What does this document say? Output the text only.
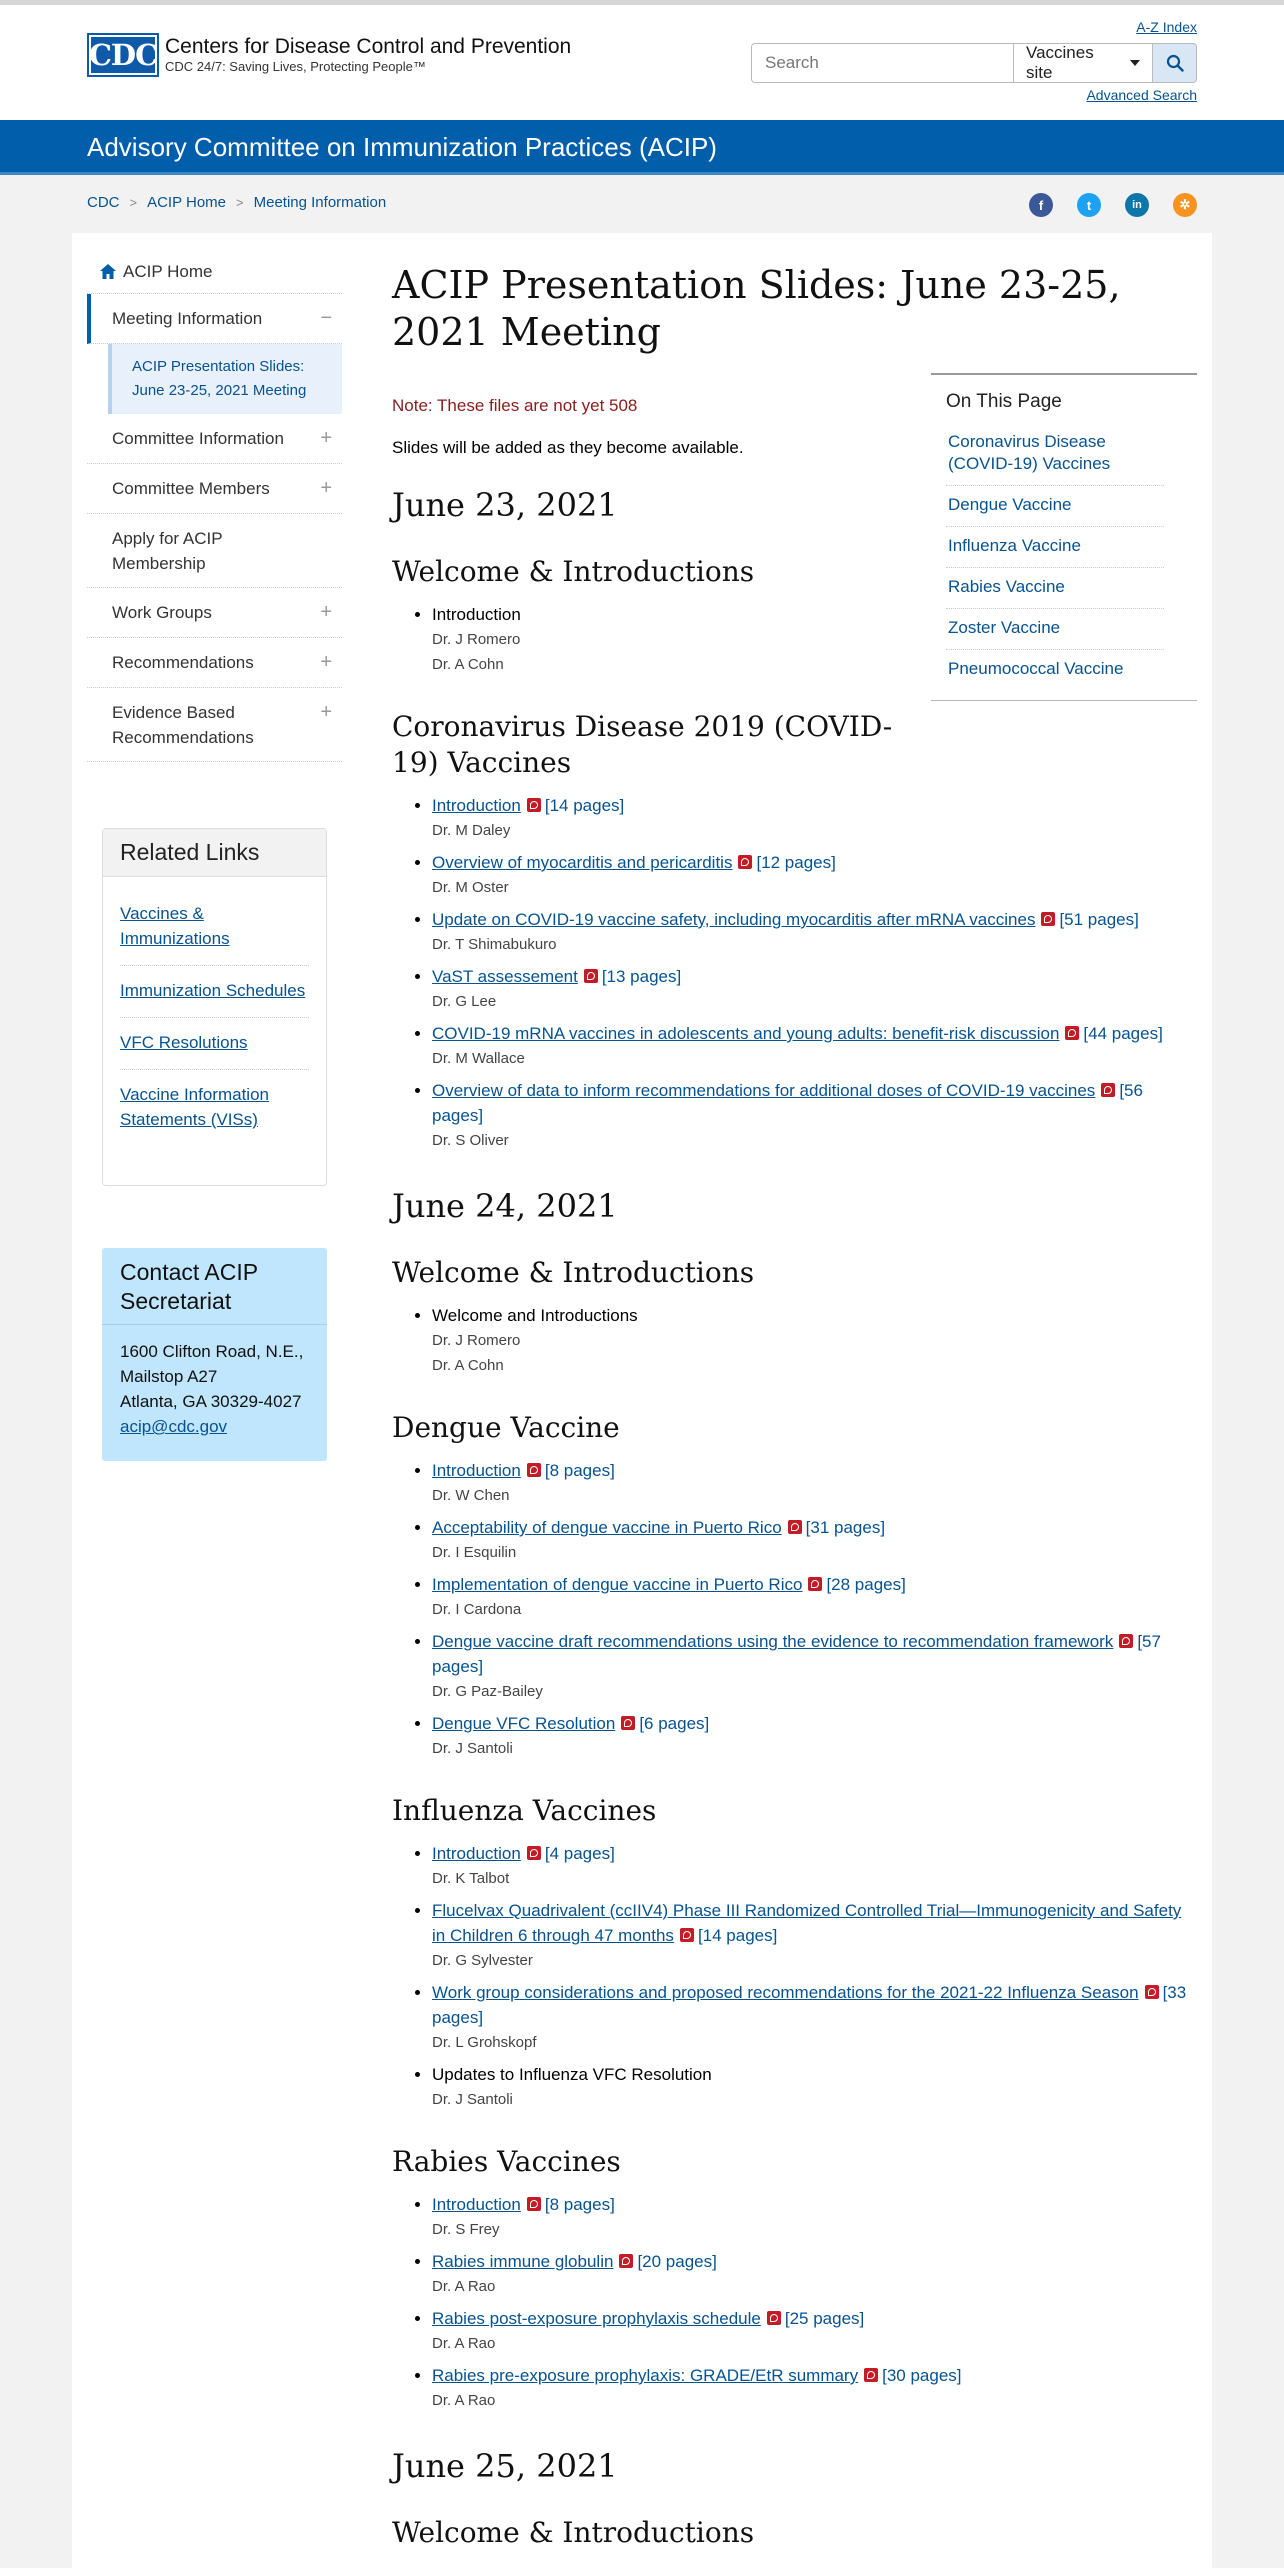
CDC Centers for Disease Control and Prevention
CDC 24/7: Saving Lives, Protecting People™
A-Z Index
Search
Vaccines site
Advanced Search
Advisory Committee on Immunization Practices (ACIP)
CDC > ACIP Home > Meeting Information	f	t	in	✲
ACIP Home
Meeting Information	−
ACIP Presentation Slides: June 23-25, 2021 Meeting
Committee Information +
Committee Members	+
Apply for ACIP Membership
Work Groups	+
Recommendations	+
Evidence Based Recommendations
+
Related Links
Vaccines & Immunizations
Immunization Schedules
VFC Resolutions
Vaccine Information Statements (VISs)
Contact ACIP Secretariat
1600 Clifton Road, N.E.,
Mailstop A27
Atlanta, GA 30329-4027
acip@cdc.gov
On This Page
Coronavirus Disease (COVID-19) Vaccines
Dengue Vaccine
Influenza Vaccine
Rabies Vaccine
Zoster Vaccine
Pneumococcal Vaccine
ACIP Presentation Slides: June 23-25, 2021 Meeting
Note: These files are not yet 508
Slides will be added as they become available.
June 23, 2021
Welcome & Introductions
• Introduction
Dr. J Romero
Dr. A Cohn
Coronavirus Disease 2019 (COVID-19) Vaccines
• Introduction [14 pages]
Dr. M Daley
• Overview of myocarditis and pericarditis [12 pages]
Dr. M Oster
• Update on COVID-19 vaccine safety, including myocarditis after mRNA vaccines [51 pages]
Dr. T Shimabukuro
• VaST assessement [13 pages]
Dr. G Lee
• COVID-19 mRNA vaccines in adolescents and young adults: benefit-risk discussion [44 pages]
Dr. M Wallace
• Overview of data to inform recommendations for additional doses of COVID-19 vaccines [56 pages]
Dr. S Oliver
June 24, 2021
Welcome & Introductions
• Welcome and Introductions
Dr. J Romero
Dr. A Cohn
Dengue Vaccine
• Introduction [8 pages]
Dr. W Chen
• Acceptability of dengue vaccine in Puerto Rico [31 pages]
Dr. I Esquilin
• Implementation of dengue vaccine in Puerto Rico [28 pages]
Dr. I Cardona
• Dengue vaccine draft recommendations using the evidence to recommendation framework [57 pages]
Dr. G Paz-Bailey
• Dengue VFC Resolution [6 pages]
Dr. J Santoli
Influenza Vaccines
• Introduction [4 pages]
Dr. K Talbot
• Flucelvax Quadrivalent (ccIIV4) Phase III Randomized Controlled Trial—Immunogenicity and Safety in Children 6 through 47 months [14 pages]
Dr. G Sylvester
• Work group considerations and proposed recommendations for the 2021-22 Influenza Season [33 pages]
Dr. L Grohskopf
• Updates to Influenza VFC Resolution
Dr. J Santoli
Rabies Vaccines
• Introduction [8 pages]
Dr. S Frey
• Rabies immune globulin [20 pages]
Dr. A Rao
• Rabies post-exposure prophylaxis schedule [25 pages]
Dr. A Rao
• Rabies pre-exposure prophylaxis: GRADE/EtR summary [30 pages]
Dr. A Rao
June 25, 2021
Welcome & Introductions
